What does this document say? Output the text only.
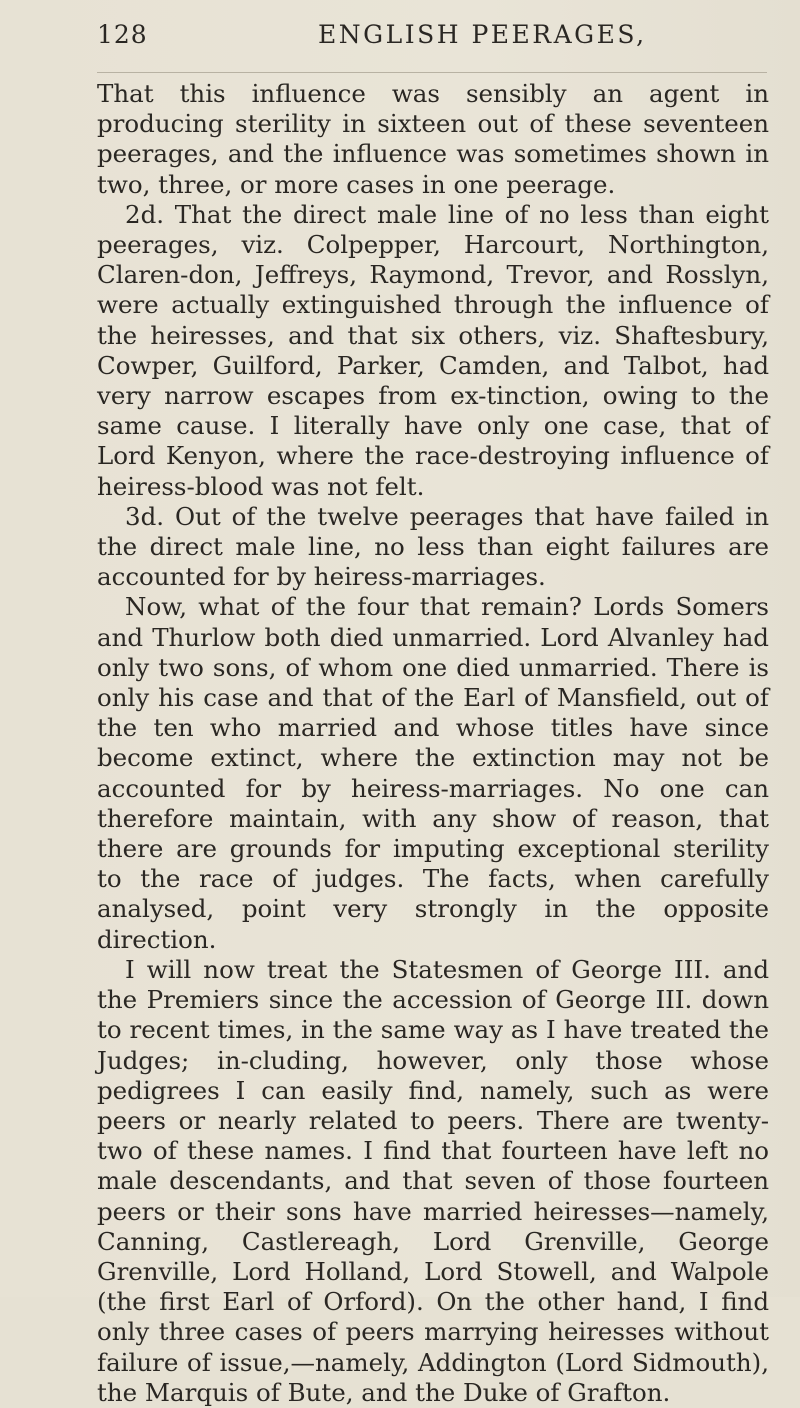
128	ENGLISH PEERAGES,

That this influence was sensibly an agent in producing sterility in sixteen out of these seventeen peerages, and the influence was sometimes shown in two, three, or more cases in one peerage.

2d. That the direct male line of no less than eight peerages, viz. Colpepper, Harcourt, Northington, Claren-don, Jeffreys, Raymond, Trevor, and Rosslyn, were actually extinguished through the influence of the heiresses, and that six others, viz. Shaftesbury, Cowper, Guilford, Parker, Camden, and Talbot, had very narrow escapes from ex-tinction, owing to the same cause. I literally have only one case, that of Lord Kenyon, where the race-destroying influence of heiress-blood was not felt.

3d. Out of the twelve peerages that have failed in the direct male line, no less than eight failures are accounted for by heiress-marriages.

Now, what of the four that remain? Lords Somers and Thurlow both died unmarried. Lord Alvanley had only two sons, of whom one died unmarried. There is only his case and that of the Earl of Mansfield, out of the ten who married and whose titles have since become extinct, where the extinction may not be accounted for by heiress-marriages. No one can therefore maintain, with any show of reason, that there are grounds for imputing exceptional sterility to the race of judges. The facts, when carefully analysed, point very strongly in the opposite direction.

I will now treat the Statesmen of George III. and the Premiers since the accession of George III. down to recent times, in the same way as I have treated the Judges; in-cluding, however, only those whose pedigrees I can easily find, namely, such as were peers or nearly related to peers. There are twenty-two of these names. I find that fourteen have left no male descendants, and that seven of those fourteen peers or their sons have married heiresses—namely, Canning, Castlereagh, Lord Grenville, George Grenville, Lord Holland, Lord Stowell, and Walpole (the first Earl of Orford). On the other hand, I find only three cases of peers marrying heiresses without failure of issue,—namely, Addington (Lord Sidmouth), the Marquis of Bute, and the Duke of Grafton.
